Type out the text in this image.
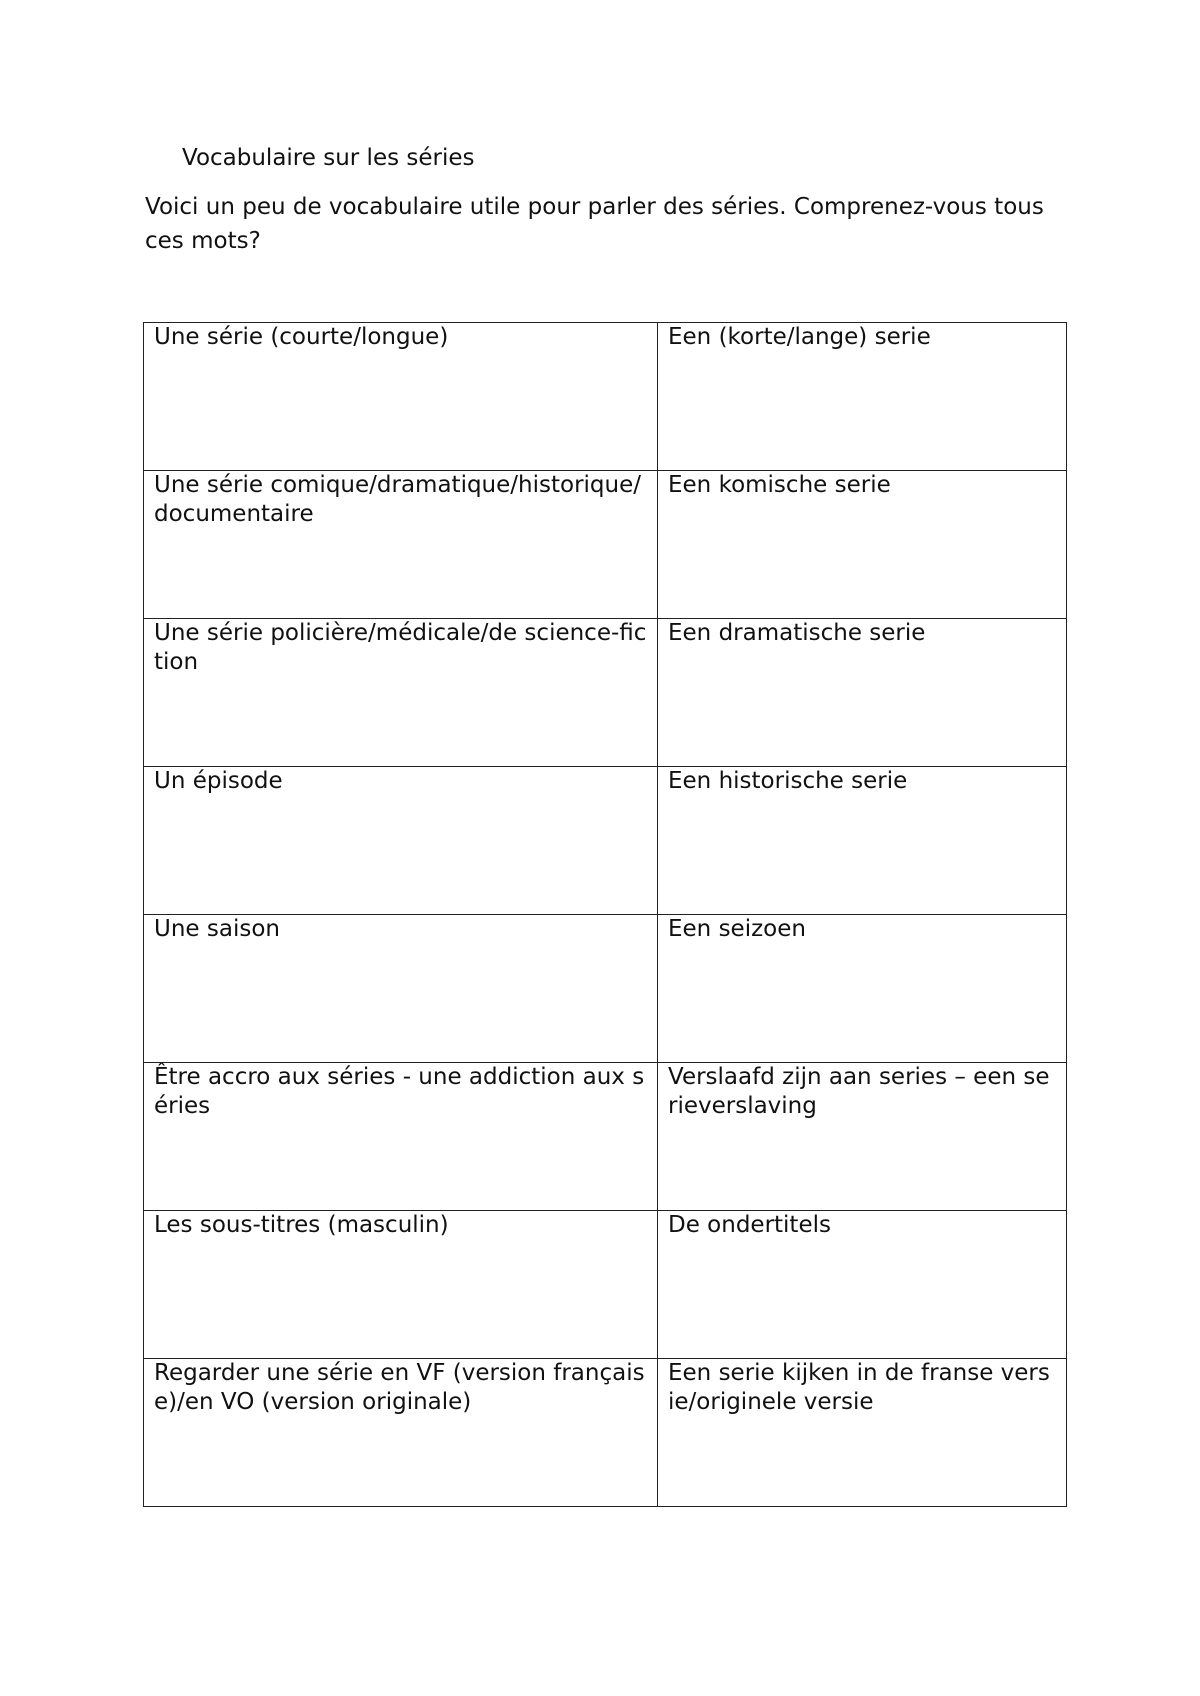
Vocabulaire sur les séries
Voici un peu de vocabulaire utile pour parler des séries. Comprenez-vous tous ces mots?
Une série (courte/longue)	Een (korte/lange) serie

Une série comique/dramatique/historique/documentaire	Een komische serie

Une série policière/médicale/de science-fiction	Een dramatische serie

Un épisode	Een historische serie

Une saison	Een seizoen

Être accro aux séries - une addiction aux séries	Verslaafd zijn aan series – een serieverslaving

Les sous-titres (masculin)	De ondertitels

Regarder une série en VF (version française)/en VO (version originale)	Een serie kijken in de franse versie/originele versie
